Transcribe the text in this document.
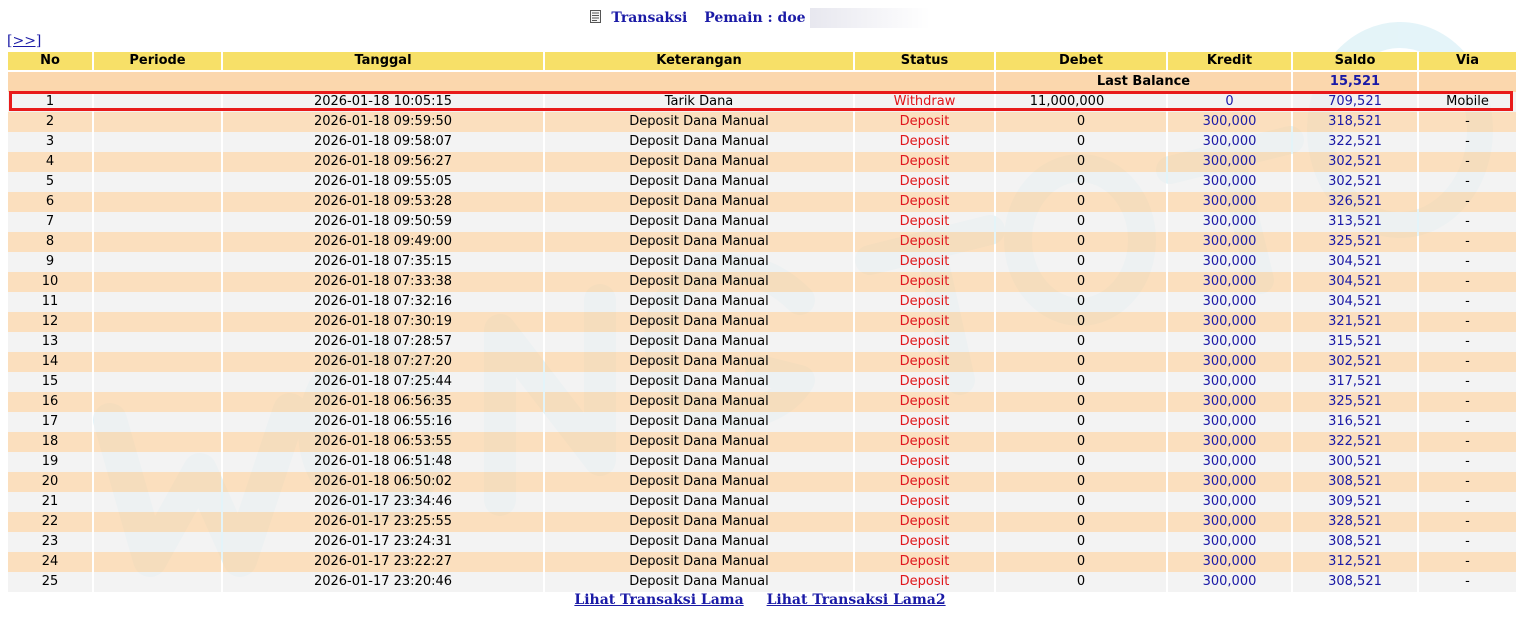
Transaksi Pemain : doe
[>>]
No	Periode	Tanggal	Keterangan	Status	Debet	Kredit	Saldo	Via
					Last Balance		15,521	
1		2026-01-18 10:05:15	Tarik Dana	Withdraw	11,000,000	0	709,521	Mobile
2		2026-01-18 09:59:50	Deposit Dana Manual	Deposit	0	300,000	318,521	-
3		2026-01-18 09:58:07	Deposit Dana Manual	Deposit	0	300,000	322,521	-
4		2026-01-18 09:56:27	Deposit Dana Manual	Deposit	0	300,000	302,521	-
5		2026-01-18 09:55:05	Deposit Dana Manual	Deposit	0	300,000	302,521	-
6		2026-01-18 09:53:28	Deposit Dana Manual	Deposit	0	300,000	326,521	-
7		2026-01-18 09:50:59	Deposit Dana Manual	Deposit	0	300,000	313,521	-
8		2026-01-18 09:49:00	Deposit Dana Manual	Deposit	0	300,000	325,521	-
9		2026-01-18 07:35:15	Deposit Dana Manual	Deposit	0	300,000	304,521	-
10		2026-01-18 07:33:38	Deposit Dana Manual	Deposit	0	300,000	304,521	-
11		2026-01-18 07:32:16	Deposit Dana Manual	Deposit	0	300,000	304,521	-
12		2026-01-18 07:30:19	Deposit Dana Manual	Deposit	0	300,000	321,521	-
13		2026-01-18 07:28:57	Deposit Dana Manual	Deposit	0	300,000	315,521	-
14		2026-01-18 07:27:20	Deposit Dana Manual	Deposit	0	300,000	302,521	-
15		2026-01-18 07:25:44	Deposit Dana Manual	Deposit	0	300,000	317,521	-
16		2026-01-18 06:56:35	Deposit Dana Manual	Deposit	0	300,000	325,521	-
17		2026-01-18 06:55:16	Deposit Dana Manual	Deposit	0	300,000	316,521	-
18		2026-01-18 06:53:55	Deposit Dana Manual	Deposit	0	300,000	322,521	-
19		2026-01-18 06:51:48	Deposit Dana Manual	Deposit	0	300,000	300,521	-
20		2026-01-18 06:50:02	Deposit Dana Manual	Deposit	0	300,000	308,521	-
21		2026-01-17 23:34:46	Deposit Dana Manual	Deposit	0	300,000	309,521	-
22		2026-01-17 23:25:55	Deposit Dana Manual	Deposit	0	300,000	328,521	-
23		2026-01-17 23:24:31	Deposit Dana Manual	Deposit	0	300,000	308,521	-
24		2026-01-17 23:22:27	Deposit Dana Manual	Deposit	0	300,000	312,521	-
25		2026-01-17 23:20:46	Deposit Dana Manual	Deposit	0	300,000	308,521	-
Lihat Transaksi Lama Lihat Transaksi Lama2
